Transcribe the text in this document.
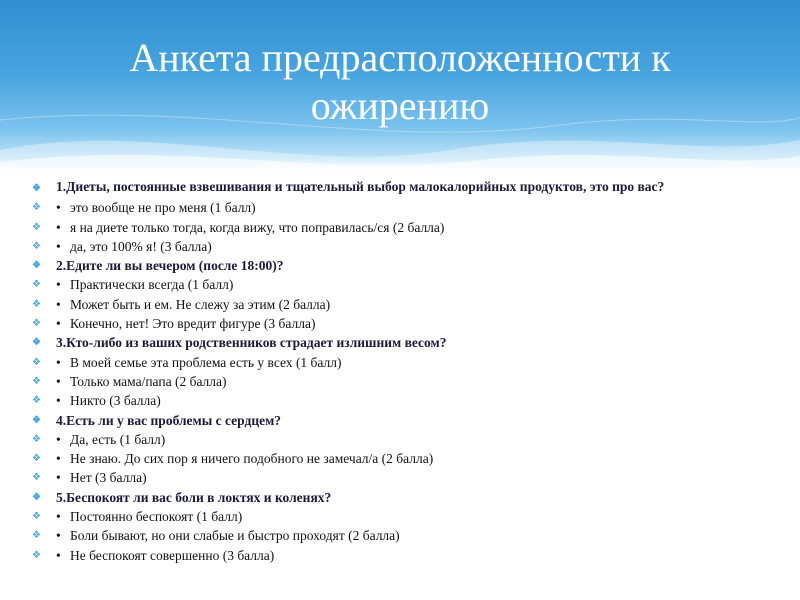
Анкета предрасположенности к ожирению
❖	1.Диеты, постоянные взвешивания и тщательный выбор малокалорийных продуктов, это про вас?
❖	• это вообще не про меня (1 балл)
❖	• я на диете только тогда, когда вижу, что поправилась/ся (2 балла)
❖	• да, это 100% я! (3 балла)
❖	2.Едите ли вы вечером (после 18:00)?
❖	• Практически всегда (1 балл)
❖	• Может быть и ем. Не слежу за этим (2 балла)
❖	• Конечно, нет! Это вредит фигуре (3 балла)
❖	3.Кто-либо из ваших родственников страдает излишним весом?
❖	• В моей семье эта проблема есть у всех (1 балл)
❖	• Только мама/папа (2 балла)
❖	• Никто (3 балла)
❖	4.Есть ли у вас проблемы с сердцем?
❖	• Да, есть (1 балл)
❖	• Не знаю. До сих пор я ничего подобного не замечал/а (2 балла)
❖	• Нет (3 балла)
❖	5.Беспокоят ли вас боли в локтях и коленях?
❖	• Постоянно беспокоят (1 балл)
❖	• Боли бывают, но они слабые и быстро проходят (2 балла)
❖	• Не беспокоят совершенно (3 балла)
